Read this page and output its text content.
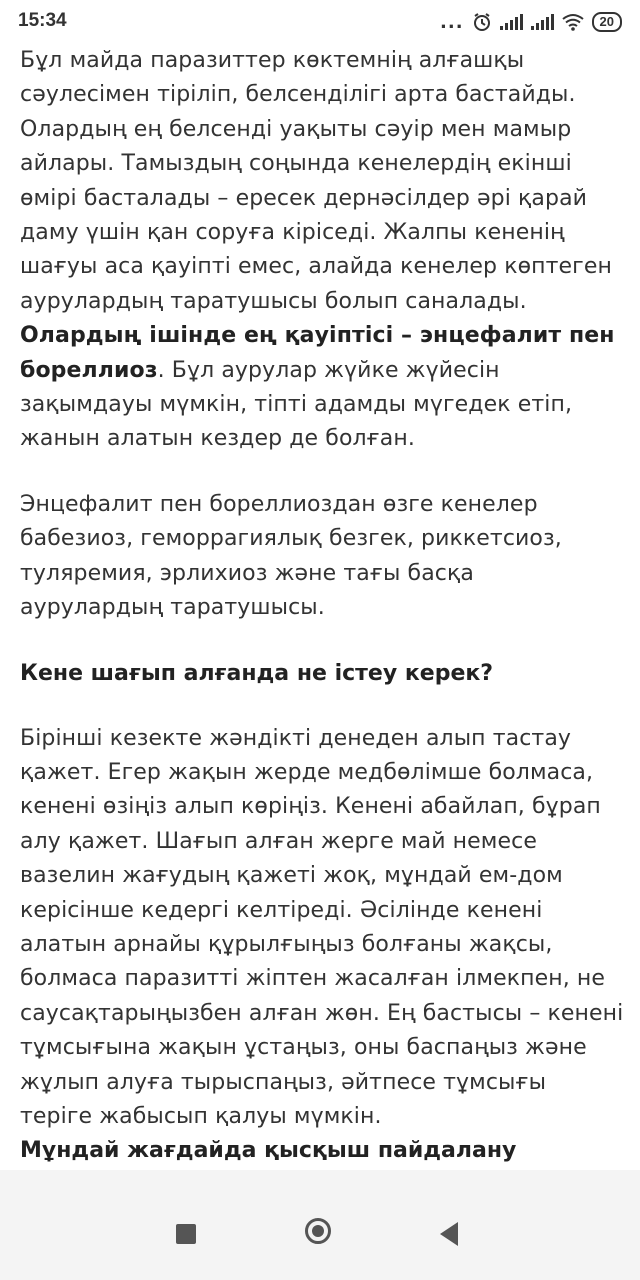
15:34	...	20

Бұл майда паразиттер көктемнің алғашқы сәулесімен тіріліп, белсенділігі арта бастайды. Олардың ең белсенді уақыты сәуір мен мамыр айлары. Тамыздың соңында кенелердің екінші өмірі басталады – ересек дернәсілдер әрі қарай даму үшін қан соруға кіріседі. Жалпы кененің шағуы аса қауіпті емес, алайда кенелер көптеген аурулардың таратушысы болып саналады. Олардың ішінде ең қауіптісі – энцефалит пен бореллиоз. Бұл аурулар жүйке жүйесін зақымдауы мүмкін, тіпті адамды мүгедек етіп, жанын алатын кездер де болған.

Энцефалит пен бореллиоздан өзге кенелер бабезиоз, геморрагиялық безгек, риккетсиоз, туляремия, эрлихиоз және тағы басқа аурулардың таратушысы.

Кене шағып алғанда не істеу керек?

Бірінші кезекте жәндікті денеден алып тастау қажет. Егер жақын жерде медбөлімше болмаса, кенені өзіңіз алып көріңіз. Кенені абайлап, бұрап алу қажет. Шағып алған жерге май немесе вазелин жағудың қажеті жоқ, мұндай ем-дом керісінше кедергі келтіреді. Әсілінде кенені алатын арнайы құрылғыңыз болғаны жақсы, болмаса паразитті жіптен жасалған ілмекпен, не саусақтарыңызбен алған жөн. Ең бастысы – кенені тұмсығына жақын ұстаңыз, оны баспаңыз және жұлып алуға тырыспаңыз, әйтпесе тұмсығы теріге жабысып қалуы мүмкін.

Мұндай жағдайда қысқыш пайдалану
